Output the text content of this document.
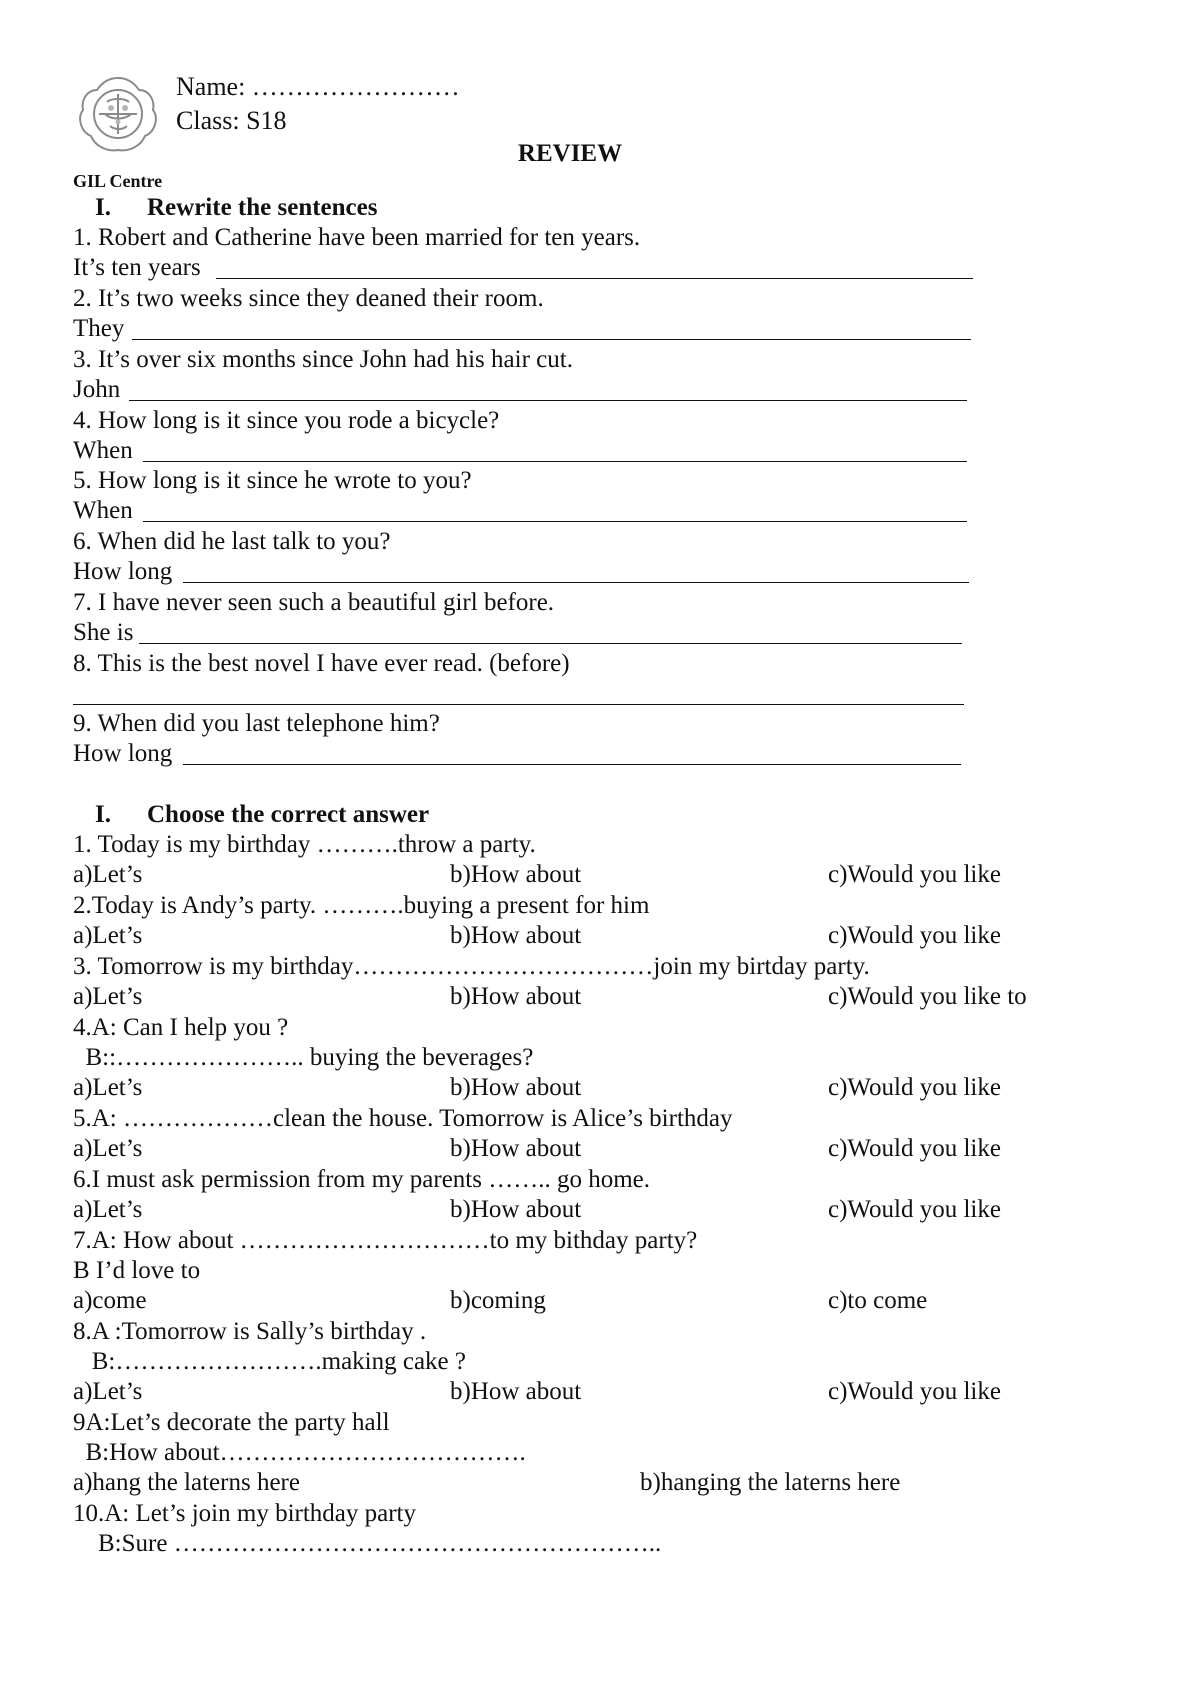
Name: ……………………
Class: S18
REVIEW
GIL Centre
I. Rewrite the sentences
1. Robert and Catherine have been married for ten years.
It’s ten years
2. It’s two weeks since they deaned their room.
They
3. It’s over six months since John had his hair cut.
John
4. How long is it since you rode a bicycle?
When
5. How long is it since he wrote to you?
When
6. When did he last talk to you?
How long
7. I have never seen such a beautiful girl before.
She is
8. This is the best novel I have ever read. (before)
9. When did you last telephone him?
How long
I. Choose the correct answer
1. Today is my birthday ……….throw a party.
a)Let’s	b)How about	c)Would you like
2.Today is Andy’s party. ……….buying a present for him
a)Let’s	b)How about	c)Would you like
3. Tomorrow is my birthday………………………………join my birtday party.
a)Let’s	b)How about	c)Would you like to
4.A: Can I help you ?
B::………………….. buying the beverages?
a)Let’s	b)How about	c)Would you like
5.A: ………………clean the house. Tomorrow is Alice’s birthday
a)Let’s	b)How about	c)Would you like
6.I must ask permission from my parents …….. go home.
a)Let’s	b)How about	c)Would you like
7.A: How about …………………………to my bithday party?
B I’d love to
a)come	b)coming	c)to come
8.A :Tomorrow is Sally’s birthday .
B:…………………….making cake ?
a)Let’s	b)How about	c)Would you like
9A:Let’s decorate the party hall
B:How about……………………………….
a)hang the laterns here	b)hanging the laterns here
10.A: Let’s join my birthday party
B:Sure …………………………………………………..
